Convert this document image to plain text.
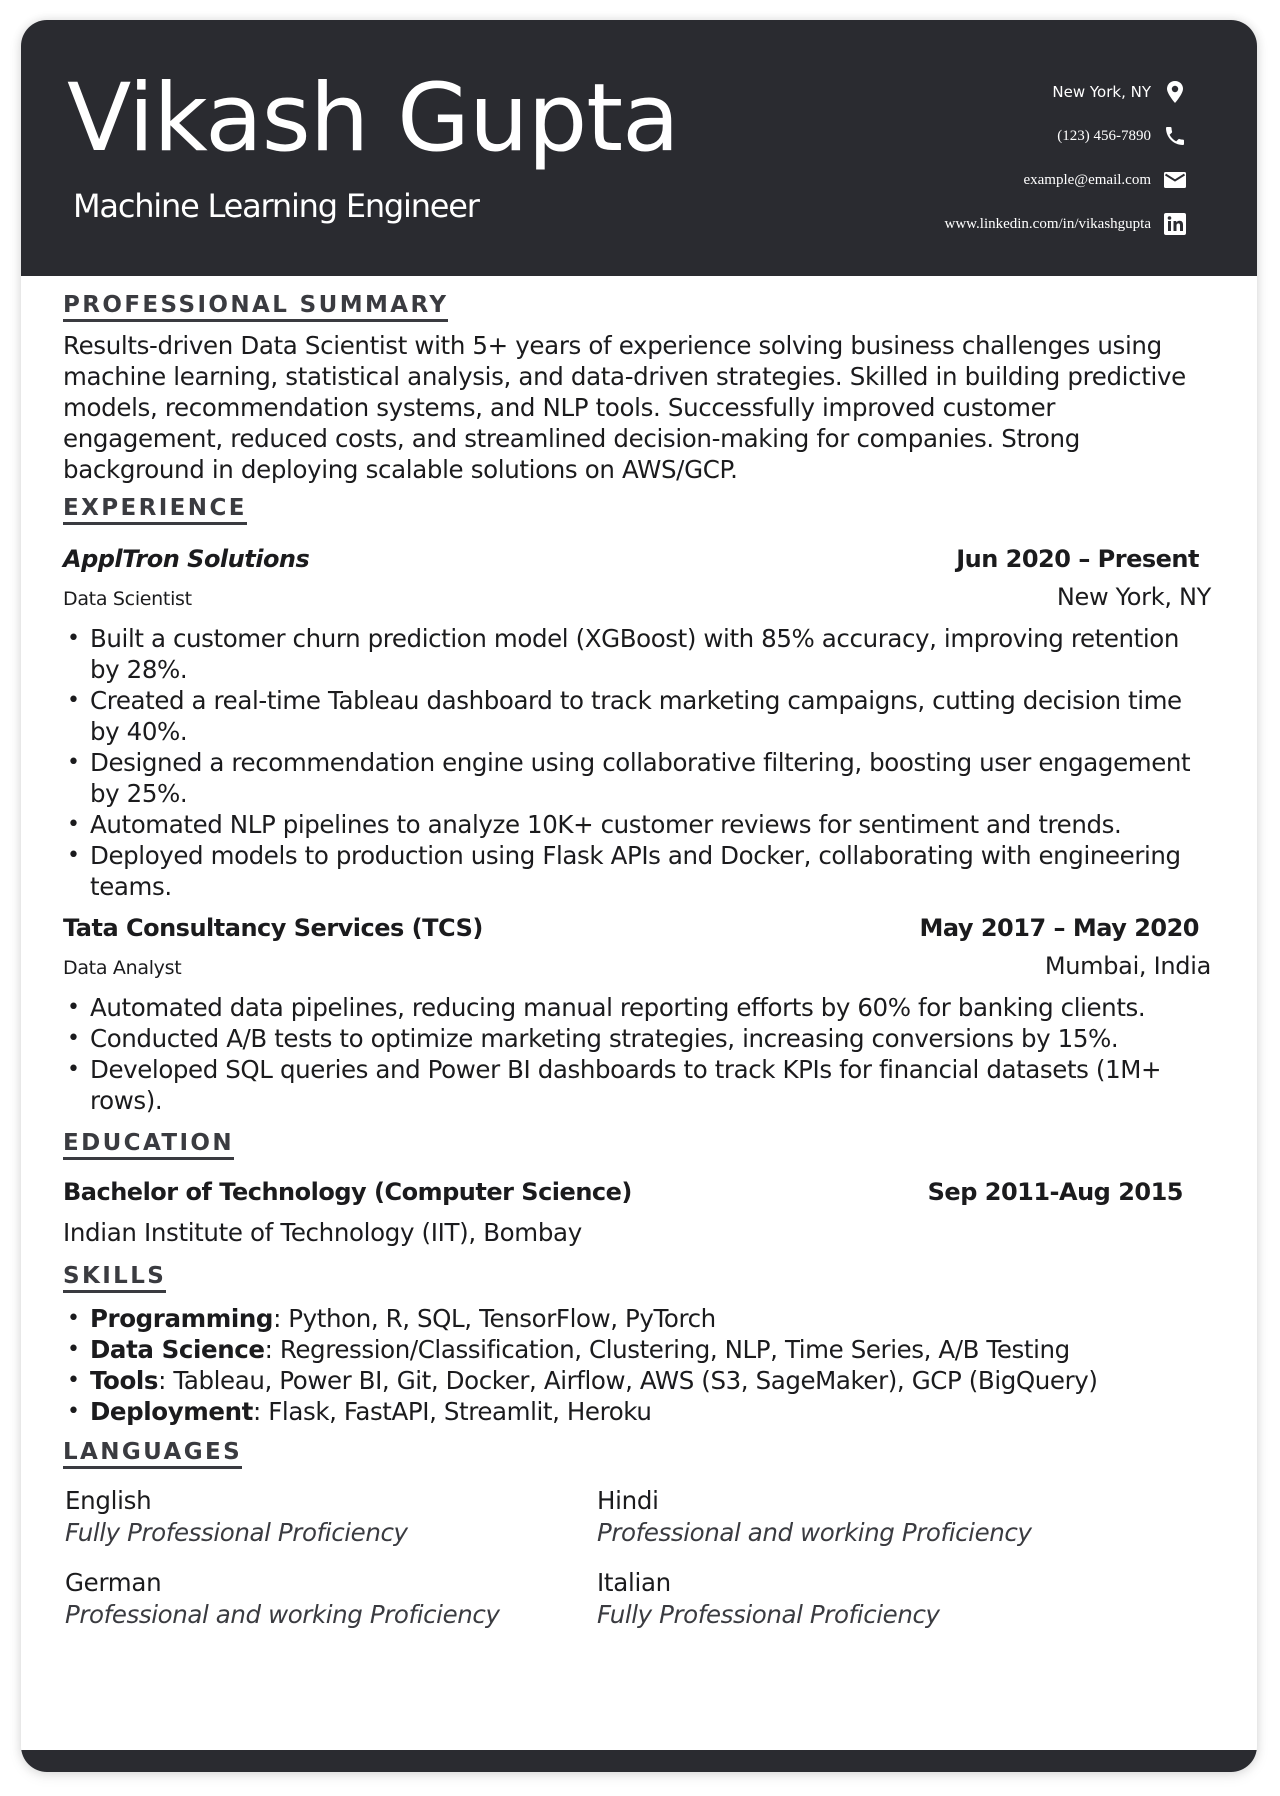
Vikash Gupta
Machine Learning Engineer
New York, NY
(123) 456-7890
example@email.com
www.linkedin.com/in/vikashgupta
PROFESSIONAL SUMMARY

Results-driven Data Scientist with 5+ years of experience solving business challenges using machine learning, statistical analysis, and data-driven strategies. Skilled in building predictive models, recommendation systems, and NLP tools. Successfully improved customer engagement, reduced costs, and streamlined decision-making for companies. Strong background in deploying scalable solutions on AWS/GCP.

EXPERIENCE
ApplTron Solutions	Jun 2020 – Present
Data Scientist	New York, NY
• Built a customer churn prediction model (XGBoost) with 85% accuracy, improving retention by 28%.
• Created a real-time Tableau dashboard to track marketing campaigns, cutting decision time by 40%.
• Designed a recommendation engine using collaborative filtering, boosting user engagement by 25%.
• Automated NLP pipelines to analyze 10K+ customer reviews for sentiment and trends.
• Deployed models to production using Flask APIs and Docker, collaborating with engineering teams.
Tata Consultancy Services (TCS)	May 2017 – May 2020
Data Analyst	Mumbai, India
• Automated data pipelines, reducing manual reporting efforts by 60% for banking clients.
• Conducted A/B tests to optimize marketing strategies, increasing conversions by 15%.
• Developed SQL queries and Power BI dashboards to track KPIs for financial datasets (1M+ rows).
EDUCATION
Bachelor of Technology (Computer Science)	Sep 2011-Aug 2015
Indian Institute of Technology (IIT), Bombay
SKILLS
• Programming: Python, R, SQL, TensorFlow, PyTorch
• Data Science: Regression/Classification, Clustering, NLP, Time Series, A/B Testing
• Tools: Tableau, Power BI, Git, Docker, Airflow, AWS (S3, SageMaker), GCP (BigQuery)
• Deployment: Flask, FastAPI, Streamlit, Heroku
LANGUAGES
English
Fully Professional Proficiency
Hindi
Professional and working Proficiency
German
Professional and working Proficiency
Italian
Fully Professional Proficiency
